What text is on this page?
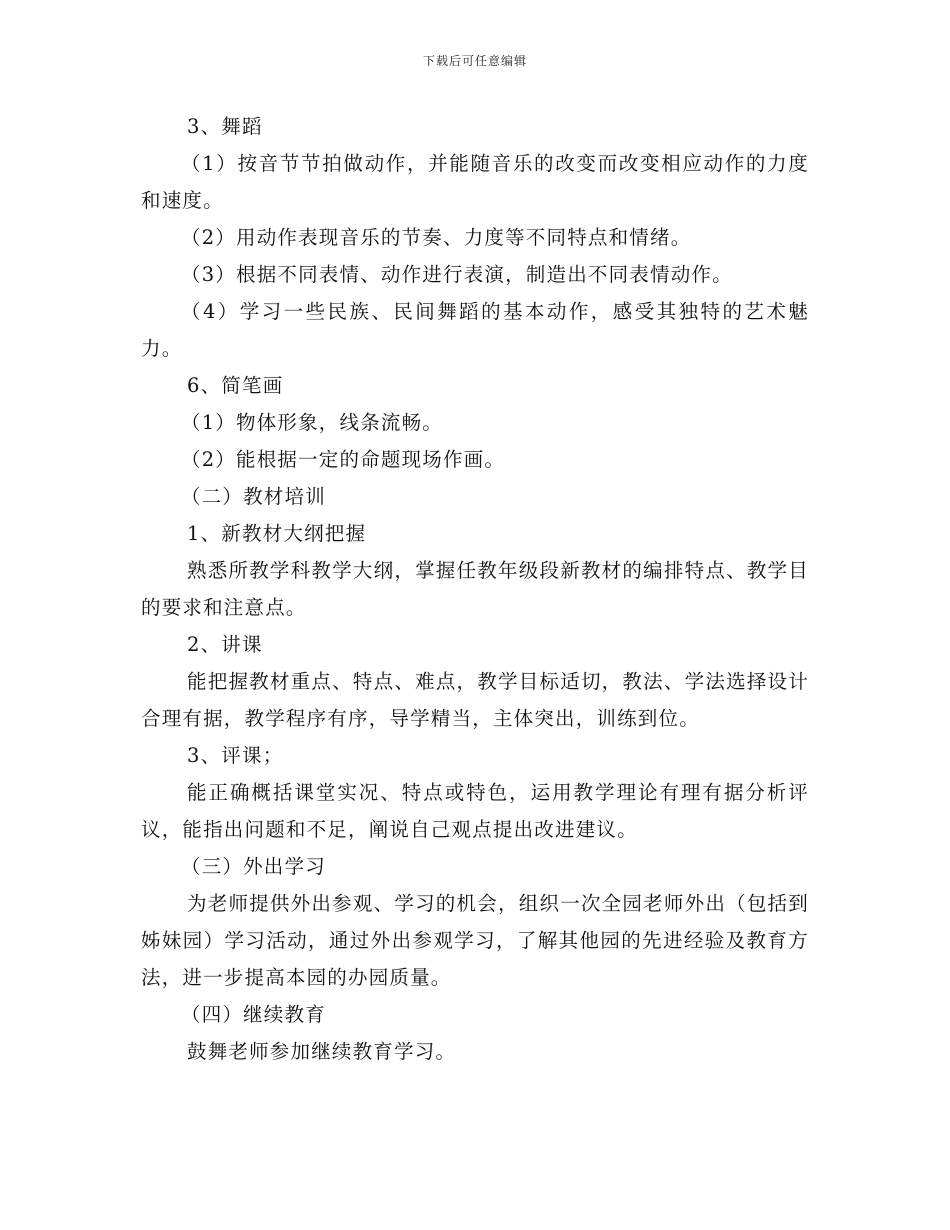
下载后可任意编辑

3、舞蹈

（1）按音节节拍做动作，并能随音乐的改变而改变相应动作的力度和速度。

（2）用动作表现音乐的节奏、力度等不同特点和情绪。

（3）根据不同表情、动作进行表演，制造出不同表情动作。

（4）学习一些民族、民间舞蹈的基本动作，感受其独特的艺术魅力。

6、简笔画

（1）物体形象，线条流畅。

（2）能根据一定的命题现场作画。

（二）教材培训

1、新教材大纲把握

熟悉所教学科教学大纲，掌握任教年级段新教材的编排特点、教学目的要求和注意点。

2、讲课

能把握教材重点、特点、难点，教学目标适切，教法、学法选择设计合理有据，教学程序有序，导学精当，主体突出，训练到位。

3、评课；

能正确概括课堂实况、特点或特色，运用教学理论有理有据分析评议，能指出问题和不足，阐说自己观点提出改进建议。

（三）外出学习

为老师提供外出参观、学习的机会，组织一次全园老师外出（包括到姊妹园）学习活动，通过外出参观学习，了解其他园的先进经验及教育方法，进一步提高本园的办园质量。

（四）继续教育

鼓舞老师参加继续教育学习。
